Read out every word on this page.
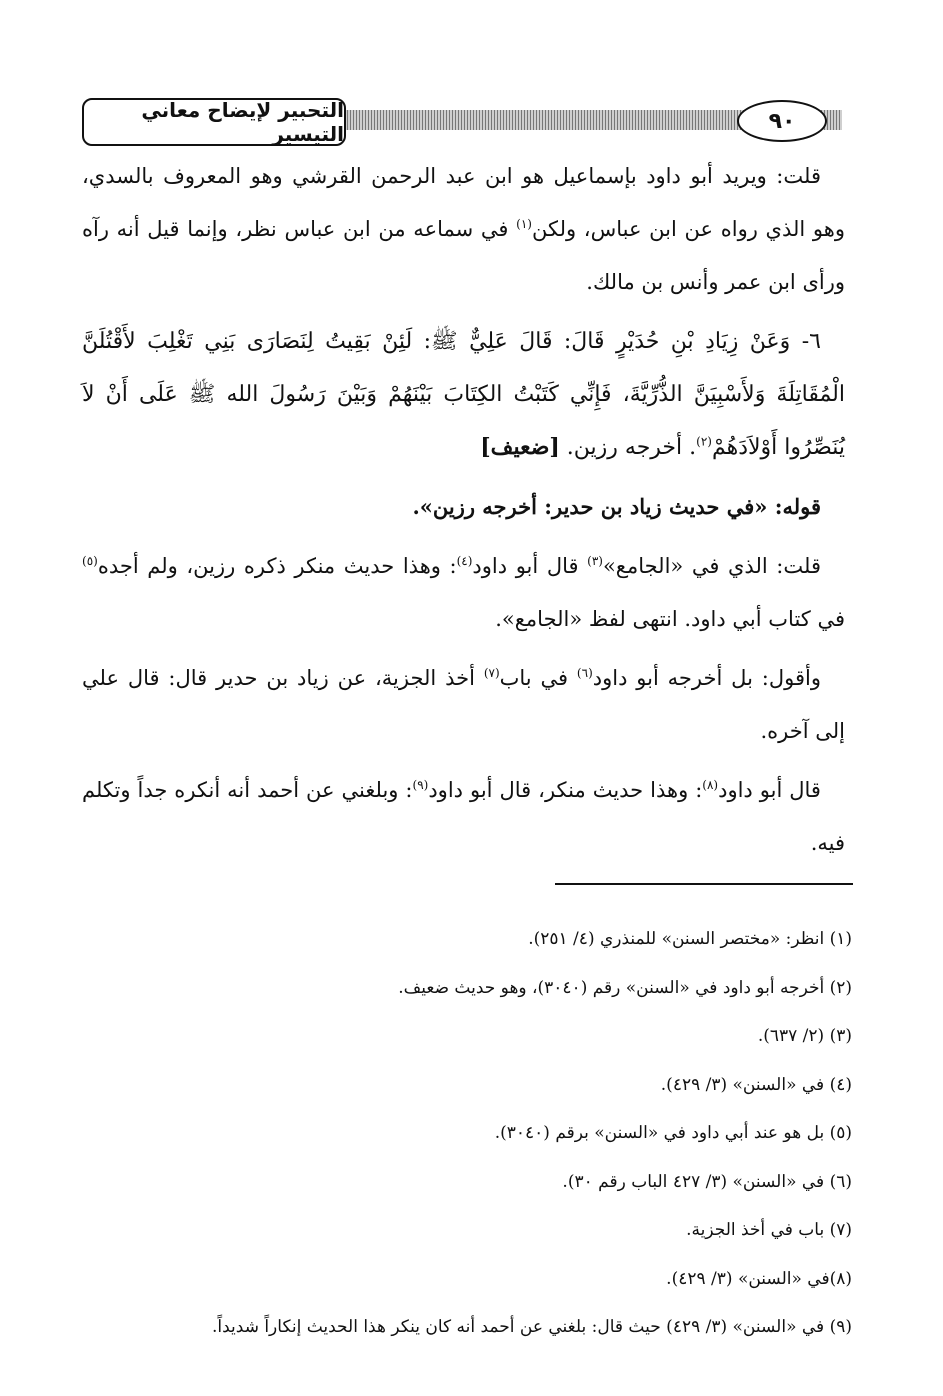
التحبير لإيضاح معاني التيسير
٩٠

قلت: ويريد أبو داود بإسماعيل هو ابن عبد الرحمن القرشي وهو المعروف بالسدي، وهو الذي رواه عن ابن عباس، ولكن$^{(١)}$ في سماعه من ابن عباس نظر، وإنما قيل أنه رآه ورأى ابن عمر وأنس بن مالك.

٦- وَعَنْ زِيَادِ بْنِ حُدَيْرٍ قَالَ: قَالَ عَلِيٌّ ﷺ: لَئِنْ بَقِيتُ لِنَصَارَى بَنِي تَغْلِبَ لأَقْتُلَنَّ الْمُقَاتِلَةَ وَلأَسْبِيَنَّ الذُّرِّيَّةَ، فَإِنِّي كَتَبْتُ الكِتَابَ بَيْنَهُمْ وَبَيْنَ رَسُولَ الله ﷺ عَلَى أَنْ لاَ يُنَصِّرُوا أَوْلاَدَهُمْ$^{(٢)}$. أخرجه رزين. [ضعيف]

قوله: «في حديث زياد بن حدير: أخرجه رزين».

قلت: الذي في «الجامع»$^{(٣)}$ قال أبو داود$^{(٤)}$: وهذا حديث منكر ذكره رزين، ولم أجده$^{(٥)}$ في كتاب أبي داود. انتهى لفظ «الجامع».

وأقول: بل أخرجه أبو داود$^{(٦)}$ في باب$^{(٧)}$ أخذ الجزية، عن زياد بن حدير قال: قال علي إلى آخره.

قال أبو داود$^{(٨)}$: وهذا حديث منكر، قال أبو داود$^{(٩)}$: وبلغني عن أحمد أنه أنكره جداً وتكلم فيه.

(١) انظر: «مختصر السنن» للمنذري (٤/ ٢٥١).
(٢) أخرجه أبو داود في «السنن» رقم (٣٠٤٠)، وهو حديث ضعيف.
(٣) (٢/ ٦٣٧).
(٤) في «السنن» (٣/ ٤٢٩).
(٥) بل هو عند أبي داود في «السنن» برقم (٣٠٤٠).
(٦) في «السنن» (٣/ ٤٢٧ الباب رقم ٣٠).
(٧) باب في أخذ الجزية.
(٨)في «السنن» (٣/ ٤٢٩).
(٩) في «السنن» (٣/ ٤٢٩) حيث قال: بلغني عن أحمد أنه كان ينكر هذا الحديث إنكاراً شديداً.
